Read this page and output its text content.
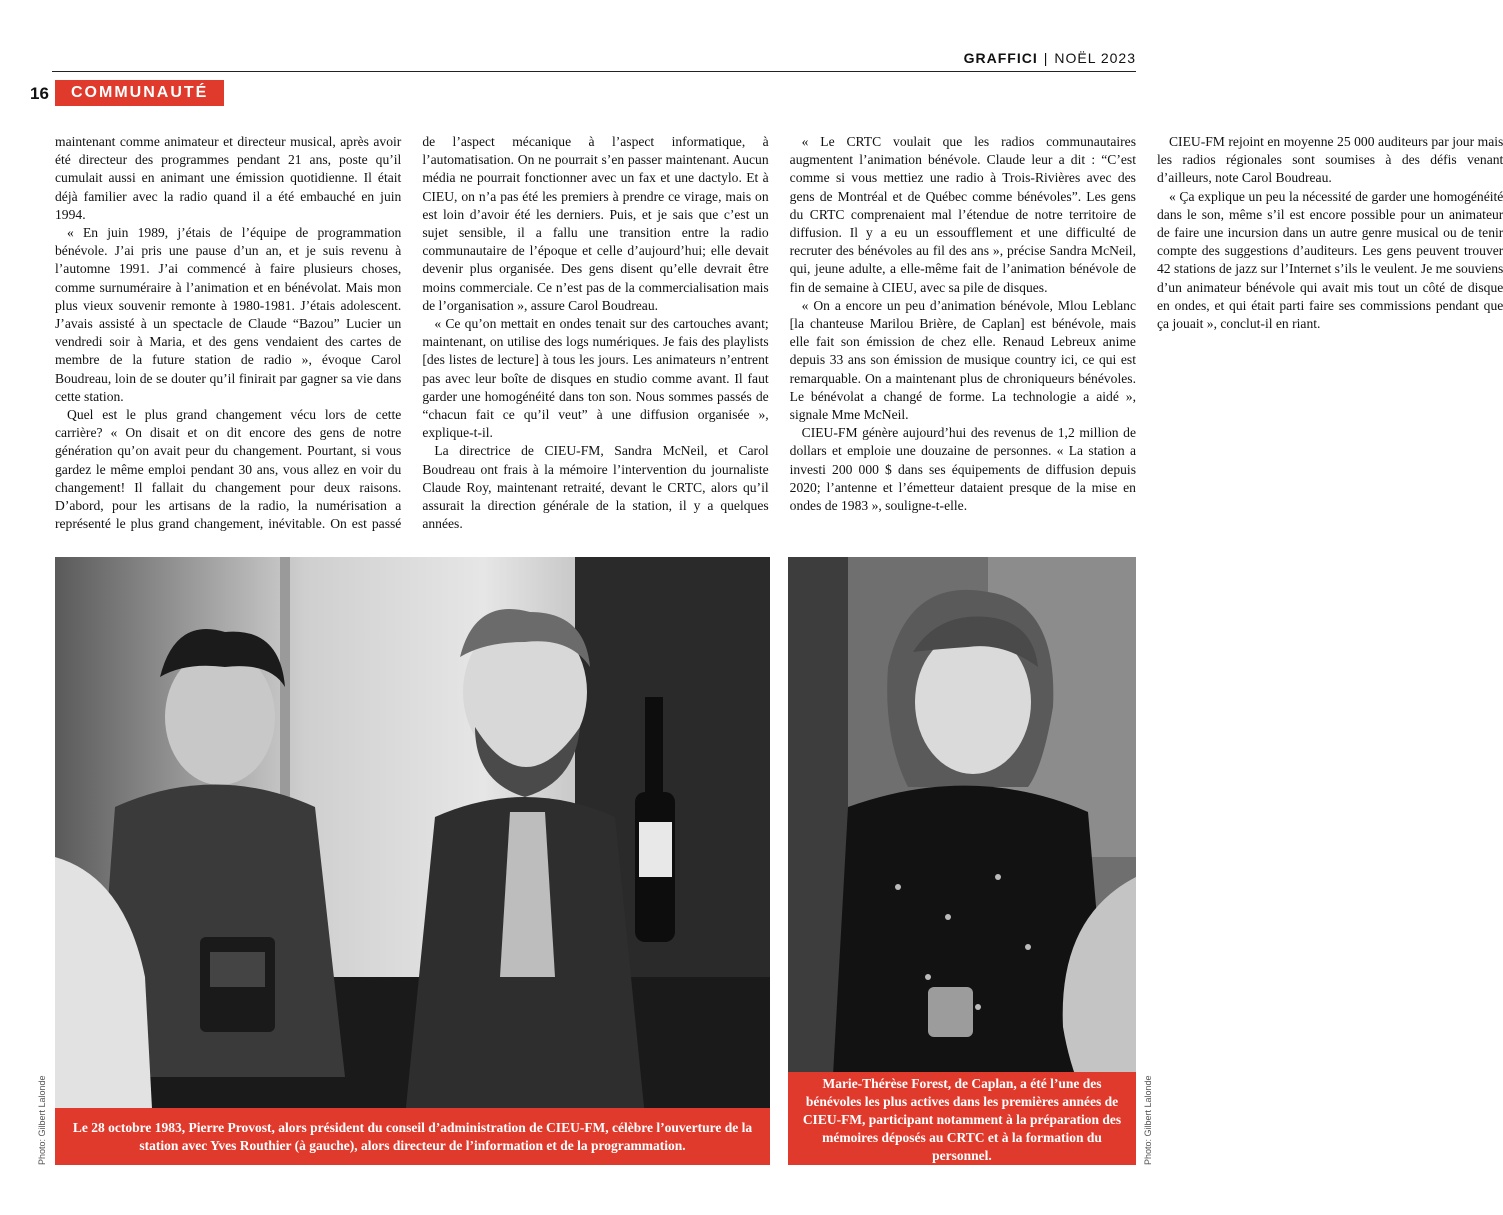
GRAFFICI | NOËL 2023
16	COMMUNAUTÉ

maintenant comme animateur et directeur musical, après avoir été directeur des programmes pendant 21 ans, poste qu’il cumulait aussi en animant une émission quotidienne. Il était déjà familier avec la radio quand il a été embauché en juin 1994.

« En juin 1989, j’étais de l’équipe de programmation bénévole. J’ai pris une pause d’un an, et je suis revenu à l’automne 1991. J’ai commencé à faire plusieurs choses, comme surnuméraire à l’animation et en bénévolat. Mais mon plus vieux souvenir remonte à 1980-1981. J’étais adolescent. J’avais assisté à un spectacle de Claude “Bazou” Lucier un vendredi soir à Maria, et des gens vendaient des cartes de membre de la future station de radio », évoque Carol Boudreau, loin de se douter qu’il finirait par gagner sa vie dans cette station.

Quel est le plus grand changement vécu lors de cette carrière? « On disait et on dit encore des gens de notre génération qu’on avait peur du changement. Pourtant, si vous gardez le même emploi pendant 30 ans, vous allez en voir du changement! Il fallait du changement pour deux raisons. D’abord, pour les artisans de la radio, la numérisation a représenté le plus grand changement, inévitable. On est passé de l’aspect mécanique à l’aspect informatique, à l’automatisation. On ne pourrait s’en passer maintenant. Aucun média ne pourrait fonctionner avec un fax et une dactylo. Et à CIEU, on n’a pas été les premiers à prendre ce virage, mais on est loin d’avoir été les derniers. Puis, et je sais que c’est un sujet sensible, il a fallu une transition entre la radio communautaire de l’époque et celle d’aujourd’hui; elle devait devenir plus organisée. Des gens disent qu’elle devrait être moins commerciale. Ce n’est pas de la commercialisation mais de l’organisation », assure Carol Boudreau.

« Ce qu’on mettait en ondes tenait sur des cartouches avant; maintenant, on utilise des logs numériques. Je fais des playlists [des listes de lecture] à tous les jours. Les animateurs n’entrent pas avec leur boîte de disques en studio comme avant. Il faut garder une homogénéité dans ton son. Nous sommes passés de “chacun fait ce qu’il veut” à une diffusion organisée », explique-t-il.

La directrice de CIEU-FM, Sandra McNeil, et Carol Boudreau ont frais à la mémoire l’intervention du journaliste Claude Roy, maintenant retraité, devant le CRTC, alors qu’il assurait la direction générale de la station, il y a quelques années.

« Le CRTC voulait que les radios communautaires augmentent l’animation bénévole. Claude leur a dit : “C’est comme si vous mettiez une radio à Trois-Rivières avec des gens de Montréal et de Québec comme bénévoles”. Les gens du CRTC comprenaient mal l’étendue de notre territoire de diffusion. Il y a eu un essoufflement et une difficulté de recruter des bénévoles au fil des ans », précise Sandra McNeil, qui, jeune adulte, a elle-même fait de l’animation bénévole de fin de semaine à CIEU, avec sa pile de disques.

« On a encore un peu d’animation bénévole, Mlou Leblanc [la chanteuse Marilou Brière, de Caplan] est bénévole, mais elle fait son émission de chez elle. Renaud Lebreux anime depuis 33 ans son émission de musique country ici, ce qui est remarquable. On a maintenant plus de chroniqueurs bénévoles. Le bénévolat a changé de forme. La technologie a aidé », signale Mme McNeil.

CIEU-FM génère aujourd’hui des revenus de 1,2 million de dollars et emploie une douzaine de personnes. « La station a investi 200 000 $ dans ses équipements de diffusion depuis 2020; l’antenne et l’émetteur dataient presque de la mise en ondes de 1983 », souligne-t-elle.

CIEU-FM rejoint en moyenne 25 000 auditeurs par jour mais les radios régionales sont soumises à des défis venant d’ailleurs, note Carol Boudreau.

« Ça explique un peu la nécessité de garder une homogénéité dans le son, même s’il est encore possible pour un animateur de faire une incursion dans un autre genre musical ou de tenir compte des suggestions d’auditeurs. Les gens peuvent trouver 42 stations de jazz sur l’Internet s’ils le veulent. Je me souviens d’un animateur bénévole qui avait mis tout un côté de disque en ondes, et qui était parti faire ses commissions pendant que ça jouait », conclut-il en riant.

Le 28 octobre 1983, Pierre Provost, alors président du conseil d’administration de CIEU-FM, célèbre l’ouverture de la station avec Yves Routhier (à gauche), alors directeur de l’information et de la programmation.
Marie-Thérèse Forest, de Caplan, a été l’une des bénévoles les plus actives dans les premières années de CIEU-FM, participant notamment à la préparation des mémoires déposés au CRTC et à la formation du personnel.
Photo: Gilbert Lalonde	Photo: Gilbert Lalonde
